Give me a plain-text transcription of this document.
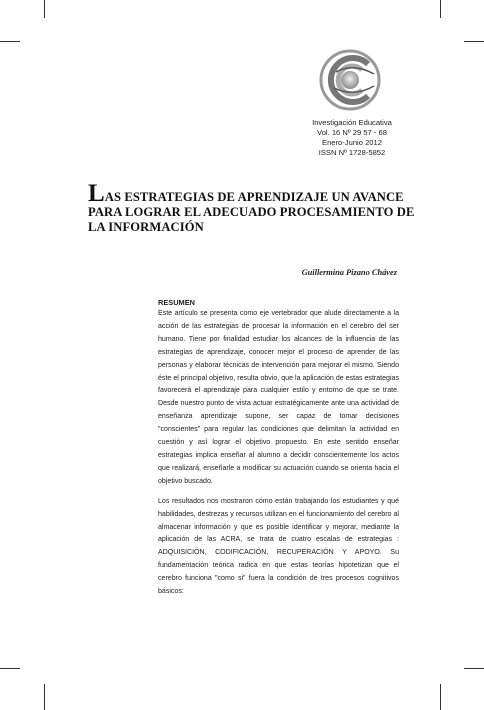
Investigación Educativa
Vol. 16 Nº 29 57 - 68
Enero-Junio 2012
ISSN Nº 1728-5852
LAS ESTRATEGIAS DE APRENDIZAJE UN AVANCE PARA LOGRAR EL ADECUADO PROCESAMIENTO DE LA INFORMACIÓN
Guillermina Pizano Chávez
RESUMEN

Este artículo se presenta como eje vertebrador que alude directamente a la acción de las estrategias de procesar la información en el cerebro del ser humano. Tiene por finalidad estudiar los alcances de la influencia de las estrategias de aprendizaje, conocer mejor el proceso de aprender de las personas y elaborar técnicas de intervención para mejorar el mismo. Siendo éste el principal objetivo, resulta obvio, que la aplicación de estas estrategias favorecerá el aprendizaje para cualquier estilo y entorno de que se trate. Desde nuestro punto de vista actuar estratégicamente ante una actividad de enseñanza aprendizaje supone, ser capaz de tomar decisiones "conscientes" para regular las condiciones que delimitan la actividad en cuestión y así lograr el objetivo propuesto. En este sentido enseñar estrategias implica enseñar al alumno a decidir conscientemente los actos que realizará, enseñarle a modificar su actuación cuando se orienta hacia el objetivo buscado.

Los resultados nos mostraron cómo están trabajando los estudiantes y qué habilidades, destrezas y recursos utilizan en el funcionamiento del cerebro al almacenar información y que es posible identificar y mejorar, mediante la aplicación de las ACRA, se trata de cuatro escalas de estrategias : ADQUISICIÓN, CODIFICACIÓN, RECUPERACIÓN Y APOYO. Su fundamentación teórica radica en que estas teorías hipotetizan que el cerebro funciona "como si" fuera la condición de tres procesos cognitivos básicos:
